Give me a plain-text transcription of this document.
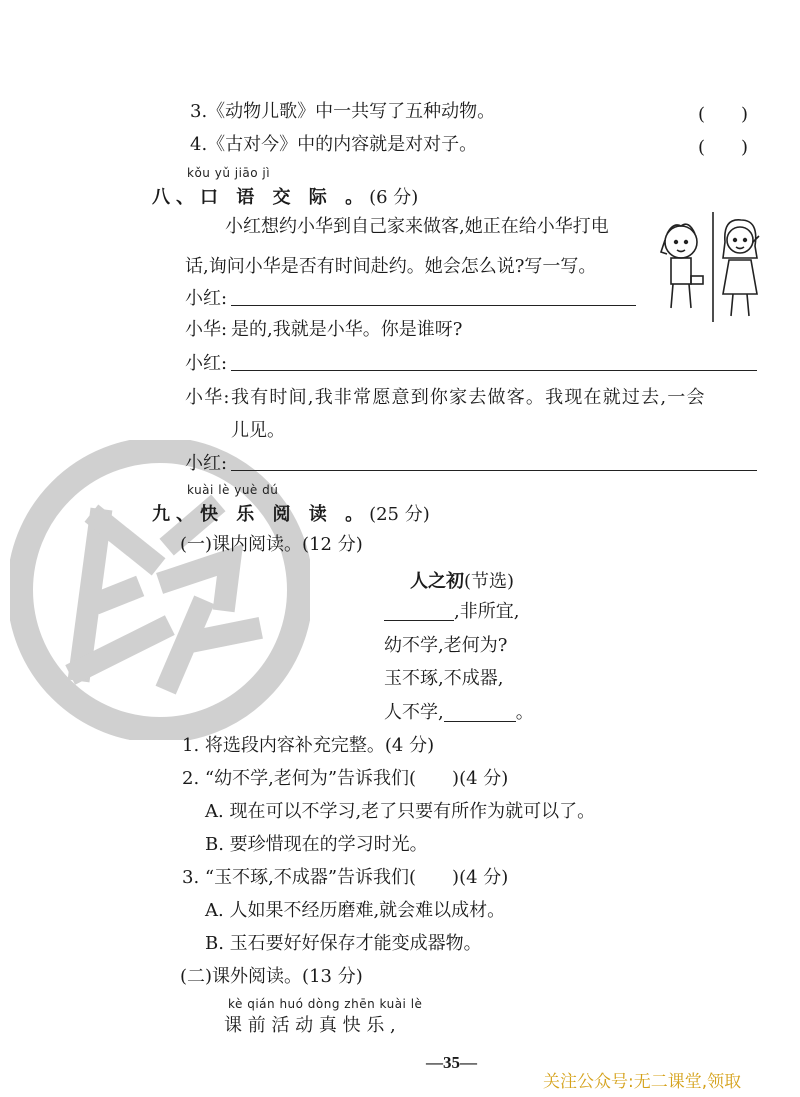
3.《动物儿歌》中一共写了五种动物。	(　　)
4.《古对今》中的内容就是对对子。	(　　)
kǒu yǔ jiāo jì
八、口 语 交 际 。(6 分)
小红想约小华到自己家来做客,她正在给小华打电
话,询问小华是否有时间赴约。她会怎么说?写一写。
小红:
小华: 是的,我就是小华。你是谁呀?
小红:
小华: 我有时间,我非常愿意到你家去做客。我现在就过去,一会
儿见。
小红:
kuài lè yuè dú
九、快 乐 阅 读 。(25 分)
(一)课内阅读。(12 分)
人之初(节选)
,非所宜,
幼不学,老何为?
玉不琢,不成器,
人不学,	。
1. 将选段内容补充完整。(4 分)
2. “幼不学,老何为”告诉我们(　　)(4 分)
A. 现在可以不学习,老了只要有所作为就可以了。
B. 要珍惜现在的学习时光。
3. “玉不琢,不成器”告诉我们(　　)(4 分)
A. 人如果不经历磨难,就会难以成材。
B. 玉石要好好保存才能变成器物。
(二)课外阅读。(13 分)
kè qián huó dòng zhēn kuài lè
课 前 活 动 真 快 乐 ,
—35—
关注公众号:无二课堂,领取
